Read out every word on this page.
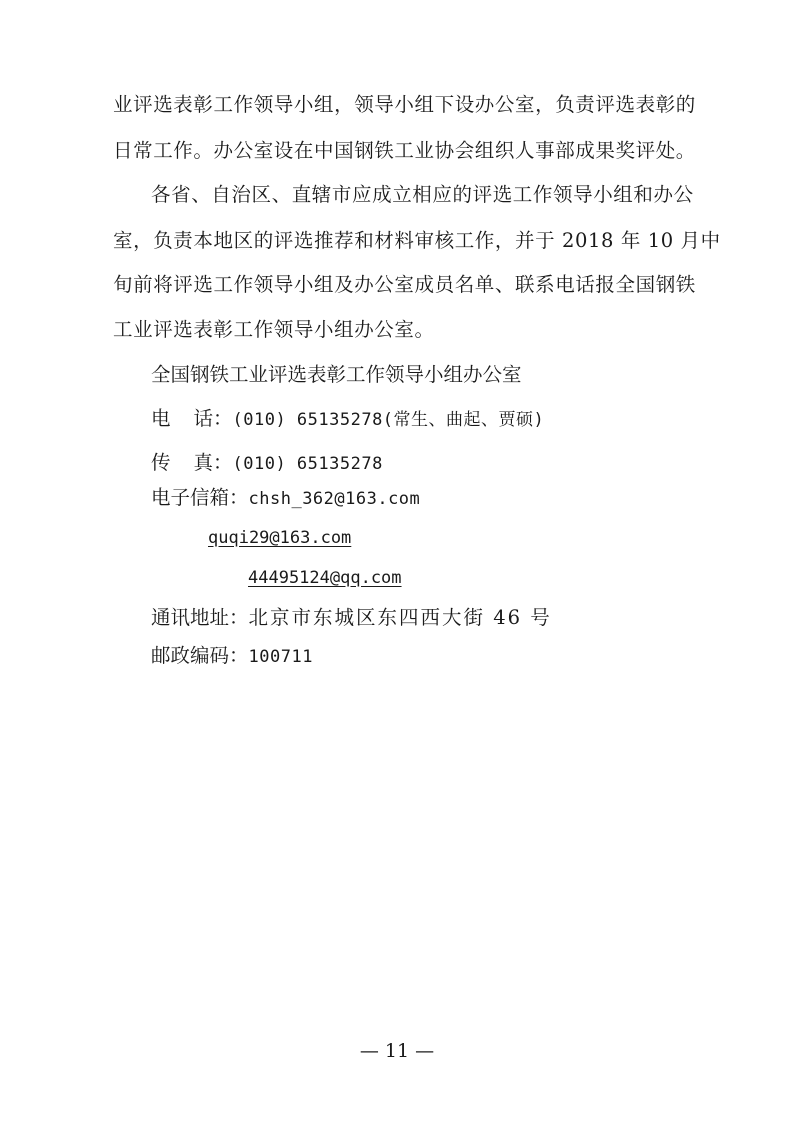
业评选表彰工作领导小组，领导小组下设办公室，负责评选表彰的
日常工作。办公室设在中国钢铁工业协会组织人事部成果奖评处。
各省、自治区、直辖市应成立相应的评选工作领导小组和办公
室，负责本地区的评选推荐和材料审核工作，并于 2018 年 10 月中
旬前将评选工作领导小组及办公室成员名单、联系电话报全国钢铁
工业评选表彰工作领导小组办公室。
全国钢铁工业评选表彰工作领导小组办公室
电 话 ：(010) 65135278(常生、曲起、贾硕)
传 真 ：(010) 65135278
电子信箱：chsh_362@163.com
quqi29@163.com
44495124@qq.com
通讯地址：北京市东城区东四西大街 46 号
邮政编码：100711
— 11 —
